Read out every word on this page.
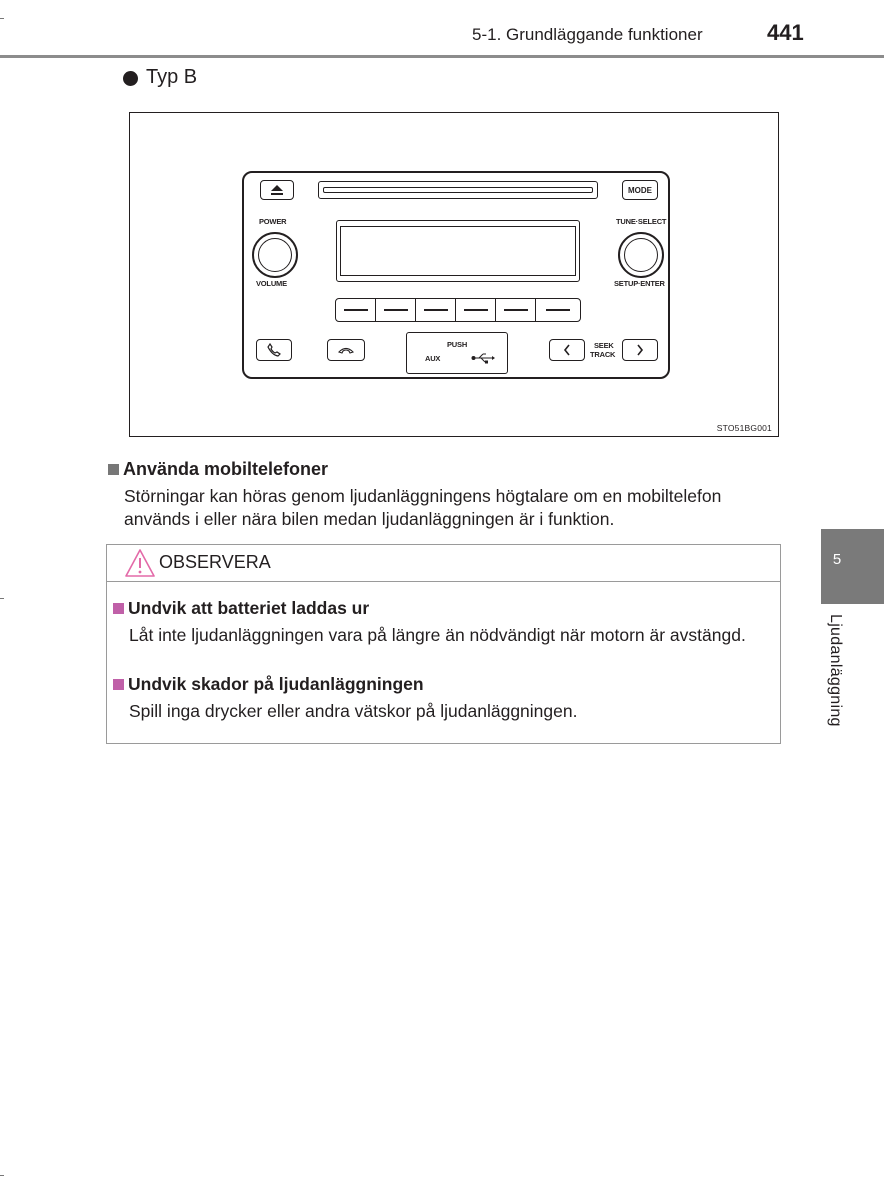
5-1. Grundläggande funktioner	441
Typ B
MODE
POWER
VOLUME
TUNE·SELECT
SETUP·ENTER
PUSH
AUX
SEEK
TRACK
STO51BG001
Använda mobiltelefoner
Störningar kan höras genom ljudanläggningens högtalare om en mobiltelefon används i eller nära bilen medan ljudanläggningen är i funktion.
OBSERVERA
Undvik att batteriet laddas ur
Låt inte ljudanläggningen vara på längre än nödvändigt när motorn är avstängd.
Undvik skador på ljudanläggningen
Spill inga drycker eller andra vätskor på ljudanläggningen.
5
Ljudanläggning
